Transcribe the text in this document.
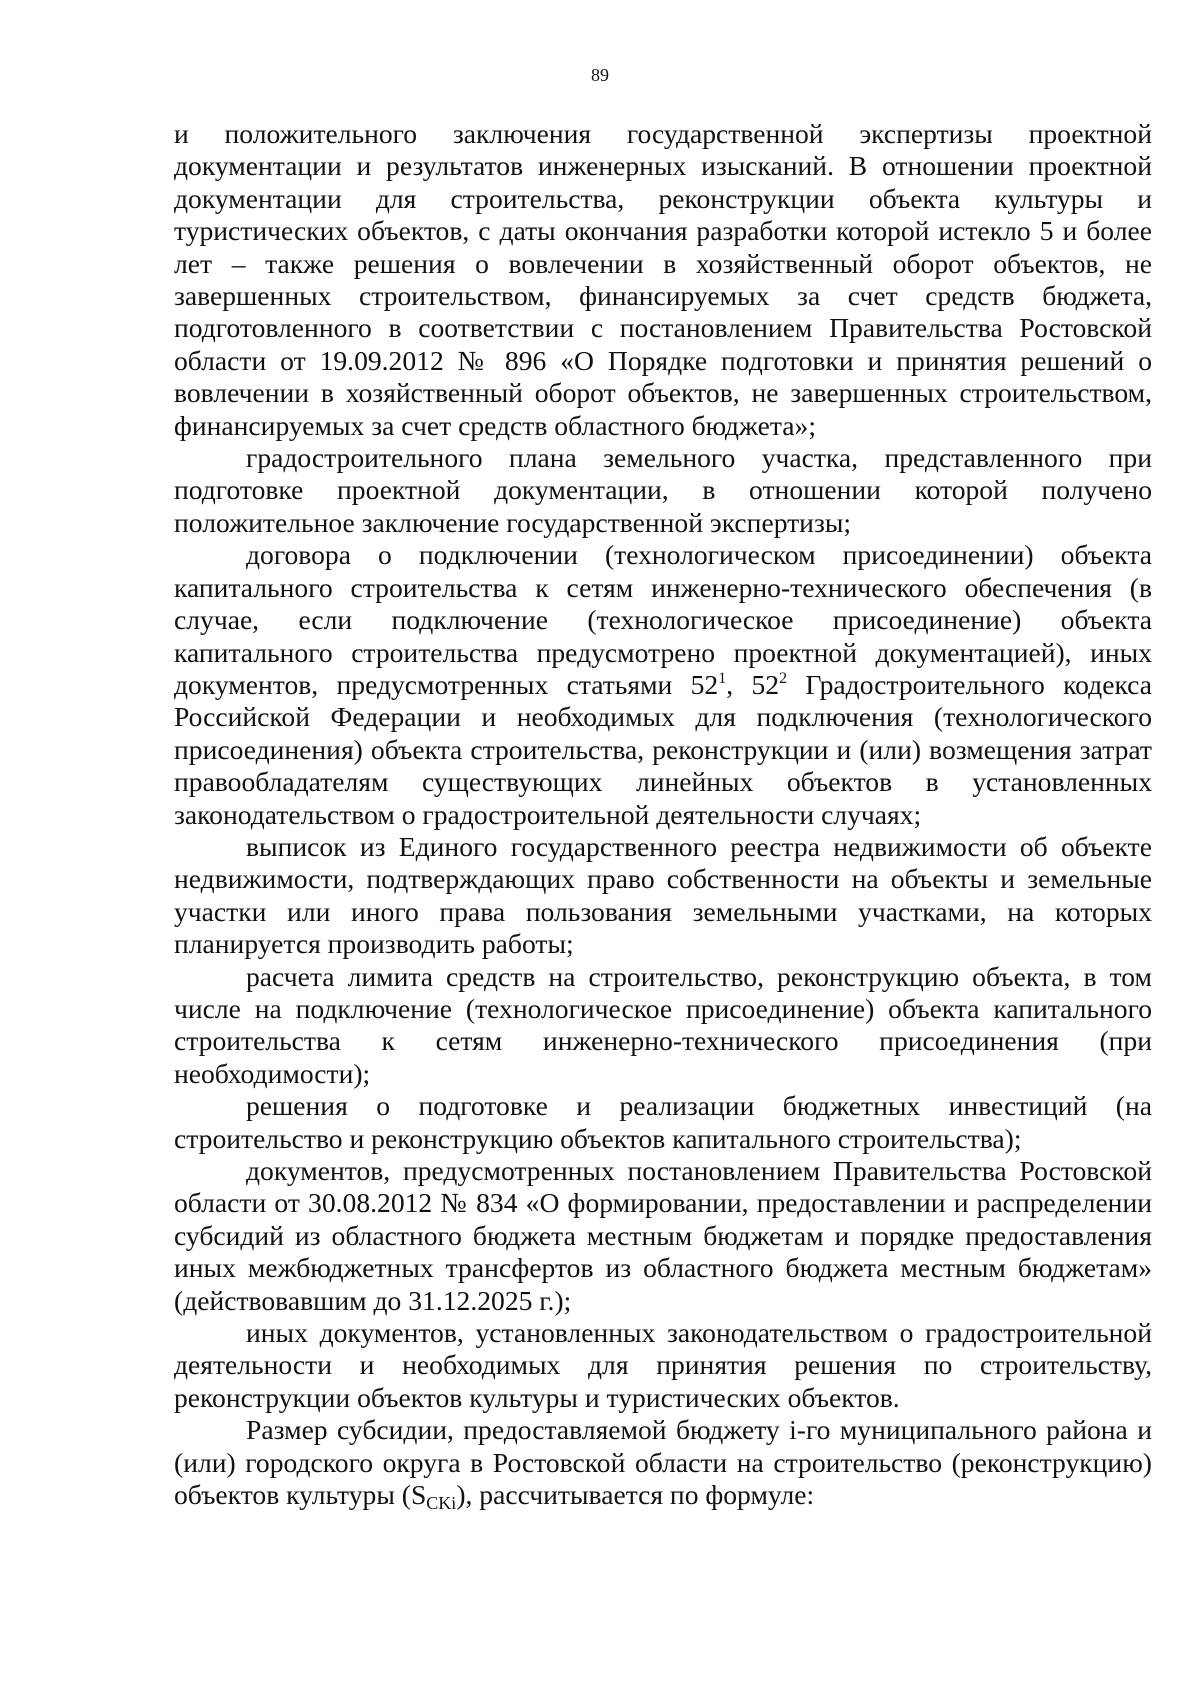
89

и положительного заключения государственной экспертизы проектной документации и результатов инженерных изысканий. В отношении проектной документации для строительства, реконструкции объекта культуры и туристических объектов, с даты окончания разработки которой истекло 5 и более лет – также решения о вовлечении в хозяйственный оборот объектов, не завершенных строительством, финансируемых за счет средств бюджета, подготовленного в соответствии с постановлением Правительства Ростовской области от 19.09.2012 № 896 «О Порядке подготовки и принятия решений о вовлечении в хозяйственный оборот объектов, не завершенных строительством, финансируемых за счет средств областного бюджета»;

градостроительного плана земельного участка, представленного при подготовке проектной документации, в отношении которой получено положительное заключение государственной экспертизы;

договора о подключении (технологическом присоединении) объекта капитального строительства к сетям инженерно-технического обеспечения (в случае, если подключение (технологическое присоединение) объекта капитального строительства предусмотрено проектной документацией), иных документов, предусмотренных статьями $52^1$, $52^2$ Градостроительного кодекса Российской Федерации и необходимых для подключения (технологического присоединения) объекта строительства, реконструкции и (или) возмещения затрат правообладателям существующих линейных объектов в установленных законодательством о градостроительной деятельности случаях;

выписок из Единого государственного реестра недвижимости об объекте недвижимости, подтверждающих право собственности на объекты и земельные участки или иного права пользования земельными участками, на которых планируется производить работы;

расчета лимита средств на строительство, реконструкцию объекта, в том числе на подключение (технологическое присоединение) объекта капитального строительства к сетям инженерно-технического присоединения (при необходимости);

решения о подготовке и реализации бюджетных инвестиций (на строительство и реконструкцию объектов капитального строительства);

документов, предусмотренных постановлением Правительства Ростовской области от 30.08.2012 № 834 «О формировании, предоставлении и распределении субсидий из областного бюджета местным бюджетам и порядке предоставления иных межбюджетных трансфертов из областного бюджета местным бюджетам» (действовавшим до 31.12.2025 г.);

иных документов, установленных законодательством о градостроительной деятельности и необходимых для принятия решения по строительству, реконструкции объектов культуры и туристических объектов.

Размер субсидии, предоставляемой бюджету i-го муниципального района и (или) городского округа в Ростовской области на строительство (реконструкцию) объектов культуры $(S_{CKi})$, рассчитывается по формуле:
